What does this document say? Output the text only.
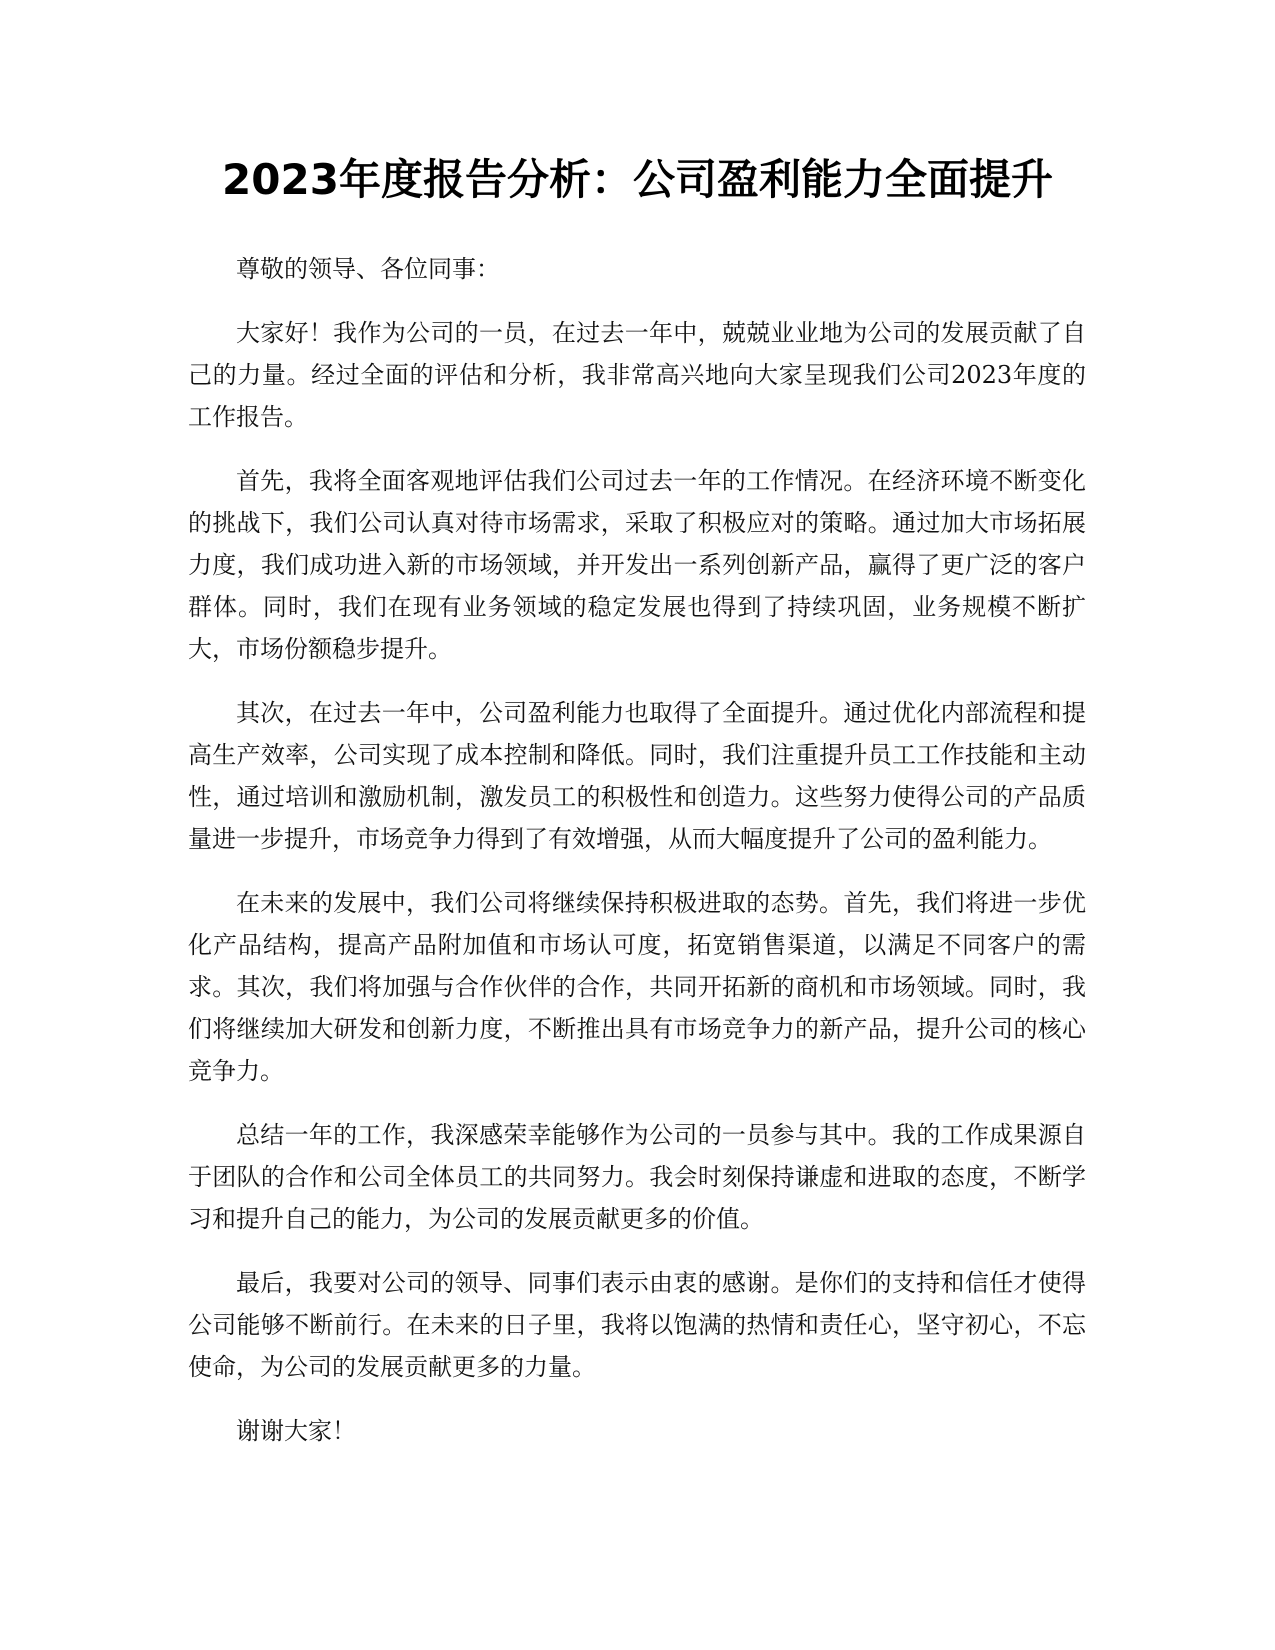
2023年度报告分析：公司盈利能力全面提升

尊敬的领导、各位同事：

大家好！我作为公司的一员，在过去一年中，兢兢业业地为公司的发展贡献了自己的力量。经过全面的评估和分析，我非常高兴地向大家呈现我们公司2023年度的工作报告。

首先，我将全面客观地评估我们公司过去一年的工作情况。在经济环境不断变化的挑战下，我们公司认真对待市场需求，采取了积极应对的策略。通过加大市场拓展力度，我们成功进入新的市场领域，并开发出一系列创新产品，赢得了更广泛的客户群体。同时，我们在现有业务领域的稳定发展也得到了持续巩固，业务规模不断扩大，市场份额稳步提升。

其次，在过去一年中，公司盈利能力也取得了全面提升。通过优化内部流程和提高生产效率，公司实现了成本控制和降低。同时，我们注重提升员工工作技能和主动性，通过培训和激励机制，激发员工的积极性和创造力。这些努力使得公司的产品质量进一步提升，市场竞争力得到了有效增强，从而大幅度提升了公司的盈利能力。

在未来的发展中，我们公司将继续保持积极进取的态势。首先，我们将进一步优化产品结构，提高产品附加值和市场认可度，拓宽销售渠道，以满足不同客户的需求。其次，我们将加强与合作伙伴的合作，共同开拓新的商机和市场领域。同时，我们将继续加大研发和创新力度，不断推出具有市场竞争力的新产品，提升公司的核心竞争力。

总结一年的工作，我深感荣幸能够作为公司的一员参与其中。我的工作成果源自于团队的合作和公司全体员工的共同努力。我会时刻保持谦虚和进取的态度，不断学习和提升自己的能力，为公司的发展贡献更多的价值。

最后，我要对公司的领导、同事们表示由衷的感谢。是你们的支持和信任才使得公司能够不断前行。在未来的日子里，我将以饱满的热情和责任心，坚守初心，不忘使命，为公司的发展贡献更多的力量。

谢谢大家！
